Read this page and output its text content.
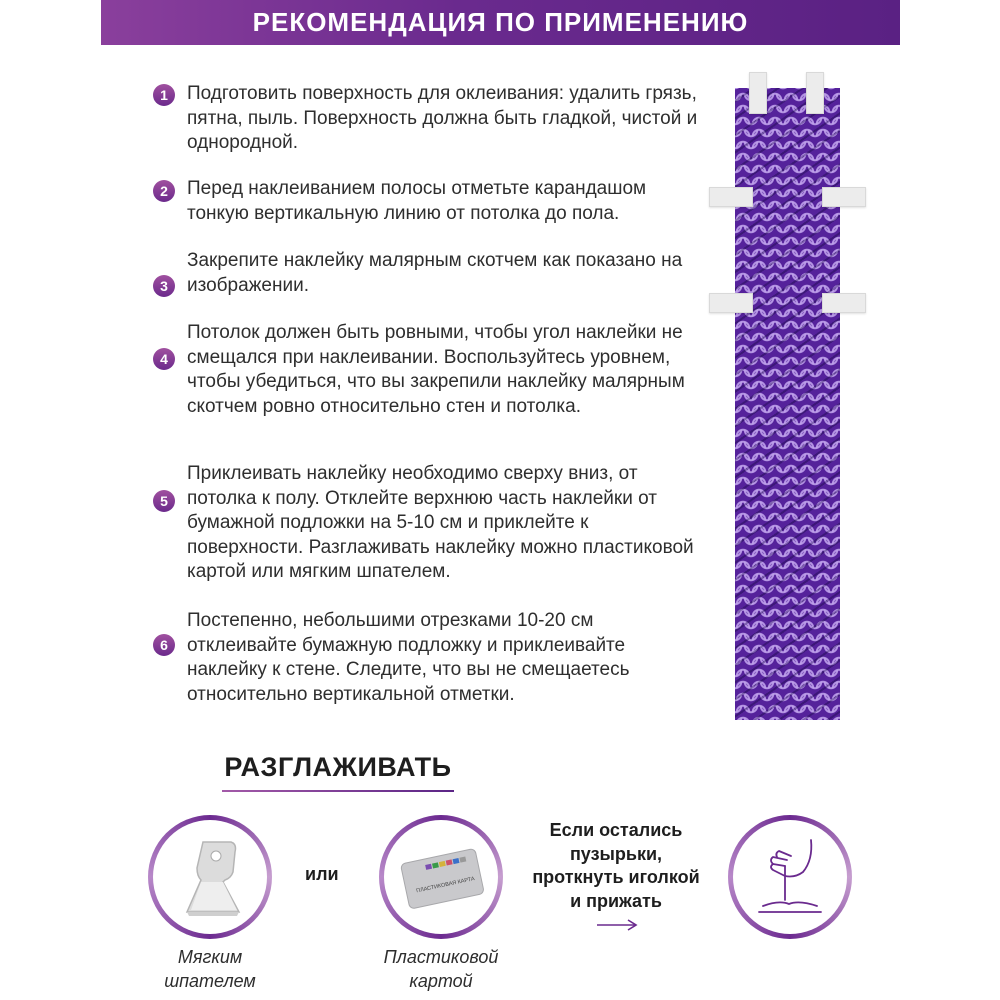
РЕКОМЕНДАЦИЯ ПО ПРИМЕНЕНИЮ
1	Подготовить поверхность для оклеивания: удалить грязь, пятна, пыль. Поверхность должна быть гладкой, чистой и однородной.

2	Перед наклеиванием полосы отметьте карандашом тонкую вертикальную линию от потолка до пола.

3

Закрепите наклейку малярным скотчем как показано на изображении.

4

Потолок должен быть ровными, чтобы угол наклейки не смещался при наклеивании. Воспользуйтесь уровнем, чтобы убедиться, что вы закрепили наклейку малярным скотчем ровно относительно стен и потолка.

5

Приклеивать наклейку необходимо сверху вниз, от потолка к полу. Отклейте верхнюю часть наклейки от бумажной подложки на 5-10 см и приклейте к поверхности. Разглаживать наклейку можно пластиковой картой или мягким шпателем.

6

Постепенно, небольшими отрезками 10-20 см отклеивайте бумажную подложку и приклеивайте наклейку к стене. Следите, что вы не смещаетесь относительно вертикальной отметки.

РАЗГЛАЖИВАТЬ
Мягким
шпателем
или
ПЛАСТИКОВАЯ КАРТА
Пластиковой
картой
Если остались
пузырьки,
проткнуть иголкой
и прижать
